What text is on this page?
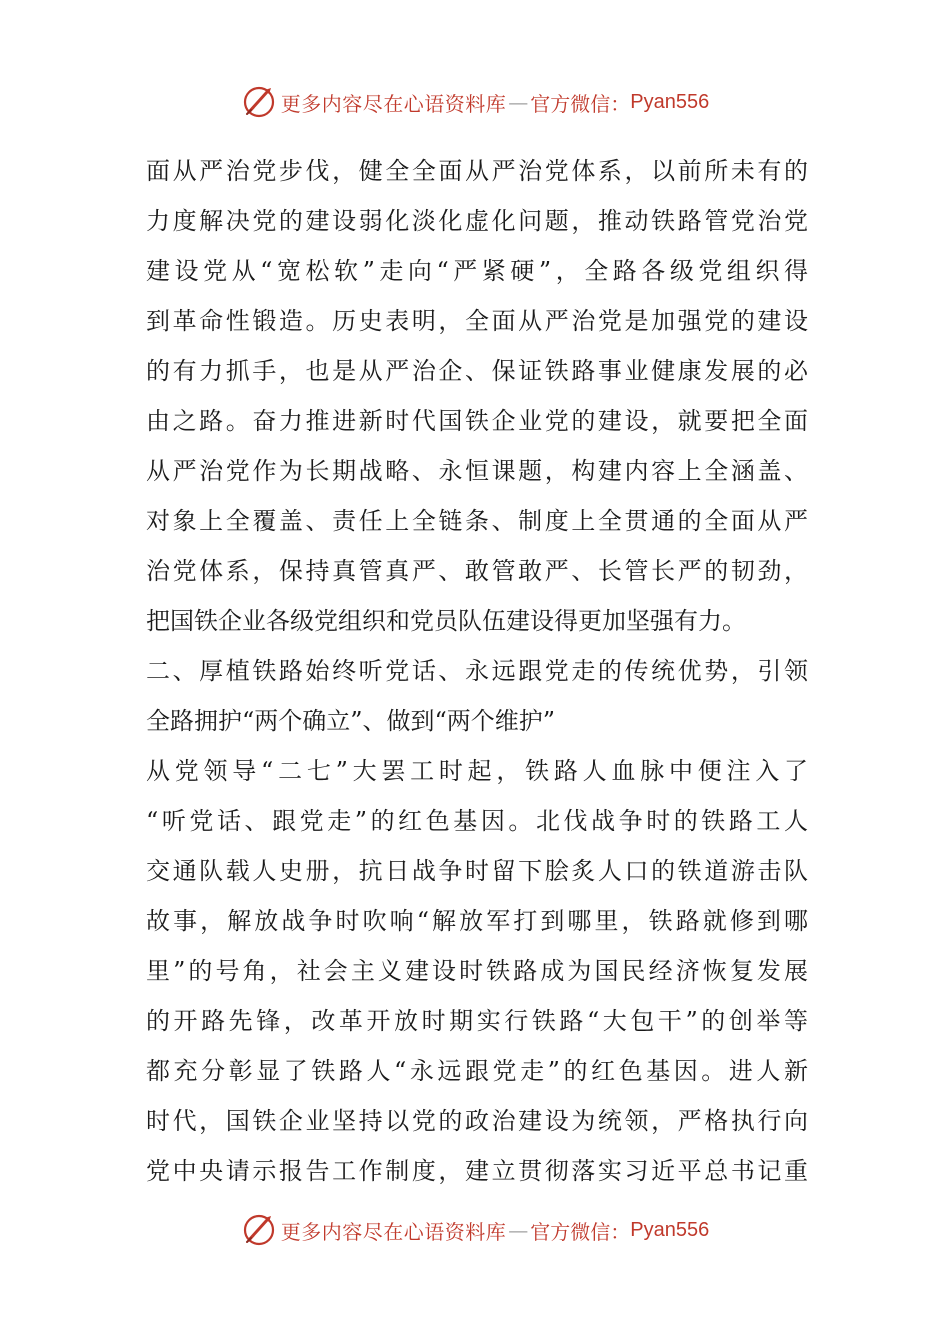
更多内容尽在心语资料库 — 官方微信： Pyan556
面从严治党步伐，健全全面从严治党体系，以前所未有的
力度解决党的建设弱化淡化虚化问题，推动铁路管党治党
建设党从“宽松软”走向“严紧硬”，全路各级党组织得
到革命性锻造。历史表明，全面从严治党是加强党的建设
的有力抓手，也是从严治企、保证铁路事业健康发展的必
由之路。奋力推进新时代国铁企业党的建设，就要把全面
从严治党作为长期战略、永恒课题，构建内容上全涵盖、
对象上全覆盖、责任上全链条、制度上全贯通的全面从严
治党体系，保持真管真严、敢管敢严、长管长严的韧劲，
把国铁企业各级党组织和党员队伍建设得更加坚强有力。
二、厚植铁路始终听党话、永远跟党走的传统优势，引领
全路拥护“两个确立”、做到“两个维护”
从党领导“二七”大罢工时起，铁路人血脉中便注入了
“听党话、跟党走”的红色基因。北伐战争时的铁路工人
交通队载人史册，抗日战争时留下脍炙人口的铁道游击队
故事，解放战争时吹响“解放军打到哪里，铁路就修到哪
里”的号角，社会主义建设时铁路成为国民经济恢复发展
的开路先锋，改革开放时期实行铁路“大包干”的创举等
都充分彰显了铁路人“永远跟党走”的红色基因。进人新
时代，国铁企业坚持以党的政治建设为统领，严格执行向
党中央请示报告工作制度，建立贯彻落实习近平总书记重
更多内容尽在心语资料库 — 官方微信： Pyan556
